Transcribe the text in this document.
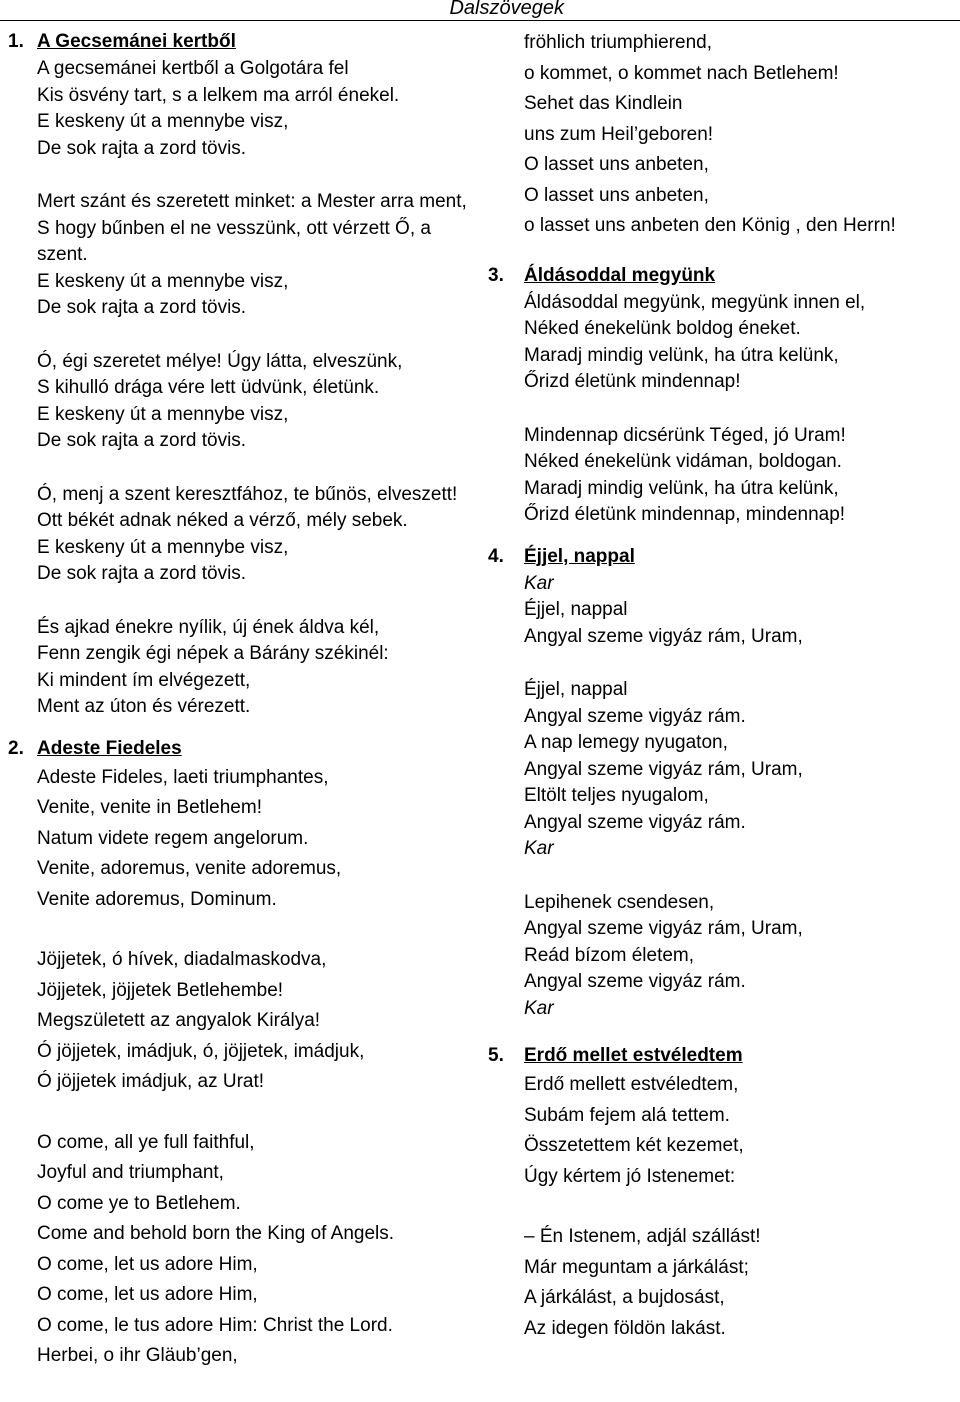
Dalszövegek
1. A Gecsemánei kertből
A gecsemánei kertből a Golgotára fel
Kis ösvény tart, s a lelkem ma arról énekel.
E keskeny út a mennybe visz,
De sok rajta a zord tövis.
Mert szánt és szeretett minket: a Mester arra ment,
S hogy bűnben el ne vesszünk, ott vérzett Ő, a
szent.
E keskeny út a mennybe visz,
De sok rajta a zord tövis.
Ó, égi szeretet mélye! Úgy látta, elveszünk,
S kihulló drága vére lett üdvünk, életünk.
E keskeny út a mennybe visz,
De sok rajta a zord tövis.
Ó, menj a szent keresztfához, te bűnös, elveszett!
Ott békét adnak néked a vérző, mély sebek.
E keskeny út a mennybe visz,
De sok rajta a zord tövis.
És ajkad énekre nyílik, új ének áldva kél,
Fenn zengik égi népek a Bárány székinél:
Ki mindent ím elvégezett,
Ment az úton és vérezett.
2. Adeste Fiedeles
Adeste Fideles, laeti triumphantes,
Venite, venite in Betlehem!
Natum videte regem angelorum.
Venite, adoremus, venite adoremus,
Venite adoremus, Dominum.
Jöjjetek, ó hívek, diadalmaskodva,
Jöjjetek, jöjjetek Betlehembe!
Megszületett az angyalok Királya!
Ó jöjjetek, imádjuk, ó, jöjjetek, imádjuk,
Ó jöjjetek imádjuk, az Urat!
O come, all ye full faithful,
Joyful and triumphant,
O come ye to Betlehem.
Come and behold born the King of Angels.
O come, let us adore Him,
O come, let us adore Him,
O come, le tus adore Him: Christ the Lord.
Herbei, o ihr Gläub’gen,
fröhlich triumphierend,
o kommet, o kommet nach Betlehem!
Sehet das Kindlein
uns zum Heil’geboren!
O lasset uns anbeten,
O lasset uns anbeten,
o lasset uns anbeten den König , den Herrn!
3. Áldásoddal megyünk
Áldásoddal megyünk, megyünk innen el,
Néked énekelünk boldog éneket.
Maradj mindig velünk, ha útra kelünk,
Őrizd életünk mindennap!
Mindennap dicsérünk Téged, jó Uram!
Néked énekelünk vidáman, boldogan.
Maradj mindig velünk, ha útra kelünk,
Őrizd életünk mindennap, mindennap!
4. Éjjel, nappal
Kar
Éjjel, nappal
Angyal szeme vigyáz rám, Uram,
Éjjel, nappal
Angyal szeme vigyáz rám.
A nap lemegy nyugaton,
Angyal szeme vigyáz rám, Uram,
Eltölt teljes nyugalom,
Angyal szeme vigyáz rám.
Kar
Lepihenek csendesen,
Angyal szeme vigyáz rám, Uram,
Reád bízom életem,
Angyal szeme vigyáz rám.
Kar
5. Erdő mellet estvéledtem
Erdő mellett estvéledtem,
Subám fejem alá tettem.
Összetettem két kezemet,
Úgy kértem jó Istenemet:
– Én Istenem, adjál szállást!
Már meguntam a járkálást;
A járkálást, a bujdosást,
Az idegen földön lakást.
